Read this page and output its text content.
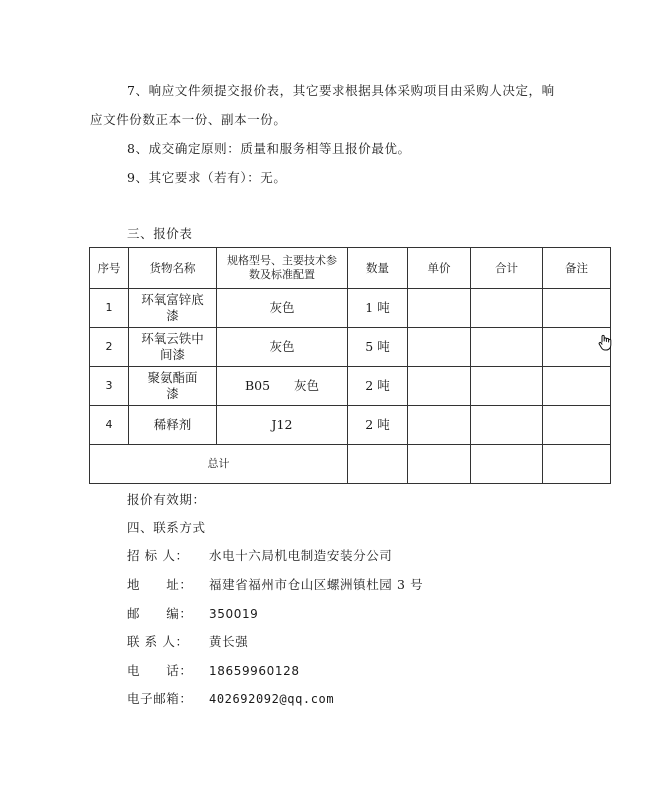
7、响应文件须提交报价表，其它要求根据具体采购项目由采购人决定，响
应文件份数正本一份、副本一份。
8、成交确定原则：质量和服务相等且报价最优。
9、其它要求（若有）：无。
三、报价表
序号	货物名称	规格型号、主要技术参数及标准配置	数量	单价	合计	备注
1	环氧富锌底漆	灰色	1 吨			
2	环氧云铁中间漆	灰色	5 吨			
3	聚氨酯面漆	B05 灰色	2 吨			
4	稀释剂	J12	2 吨			
总计						
报价有效期：
四、联系方式
招 标 人： 水电十六局机电制造安装分公司
地　　址： 福建省福州市仓山区螺洲镇杜园 3 号
邮　　编： 350019
联 系 人： 黄长强
电　　话： 18659960128
电子邮箱： 402692092@qq.com
